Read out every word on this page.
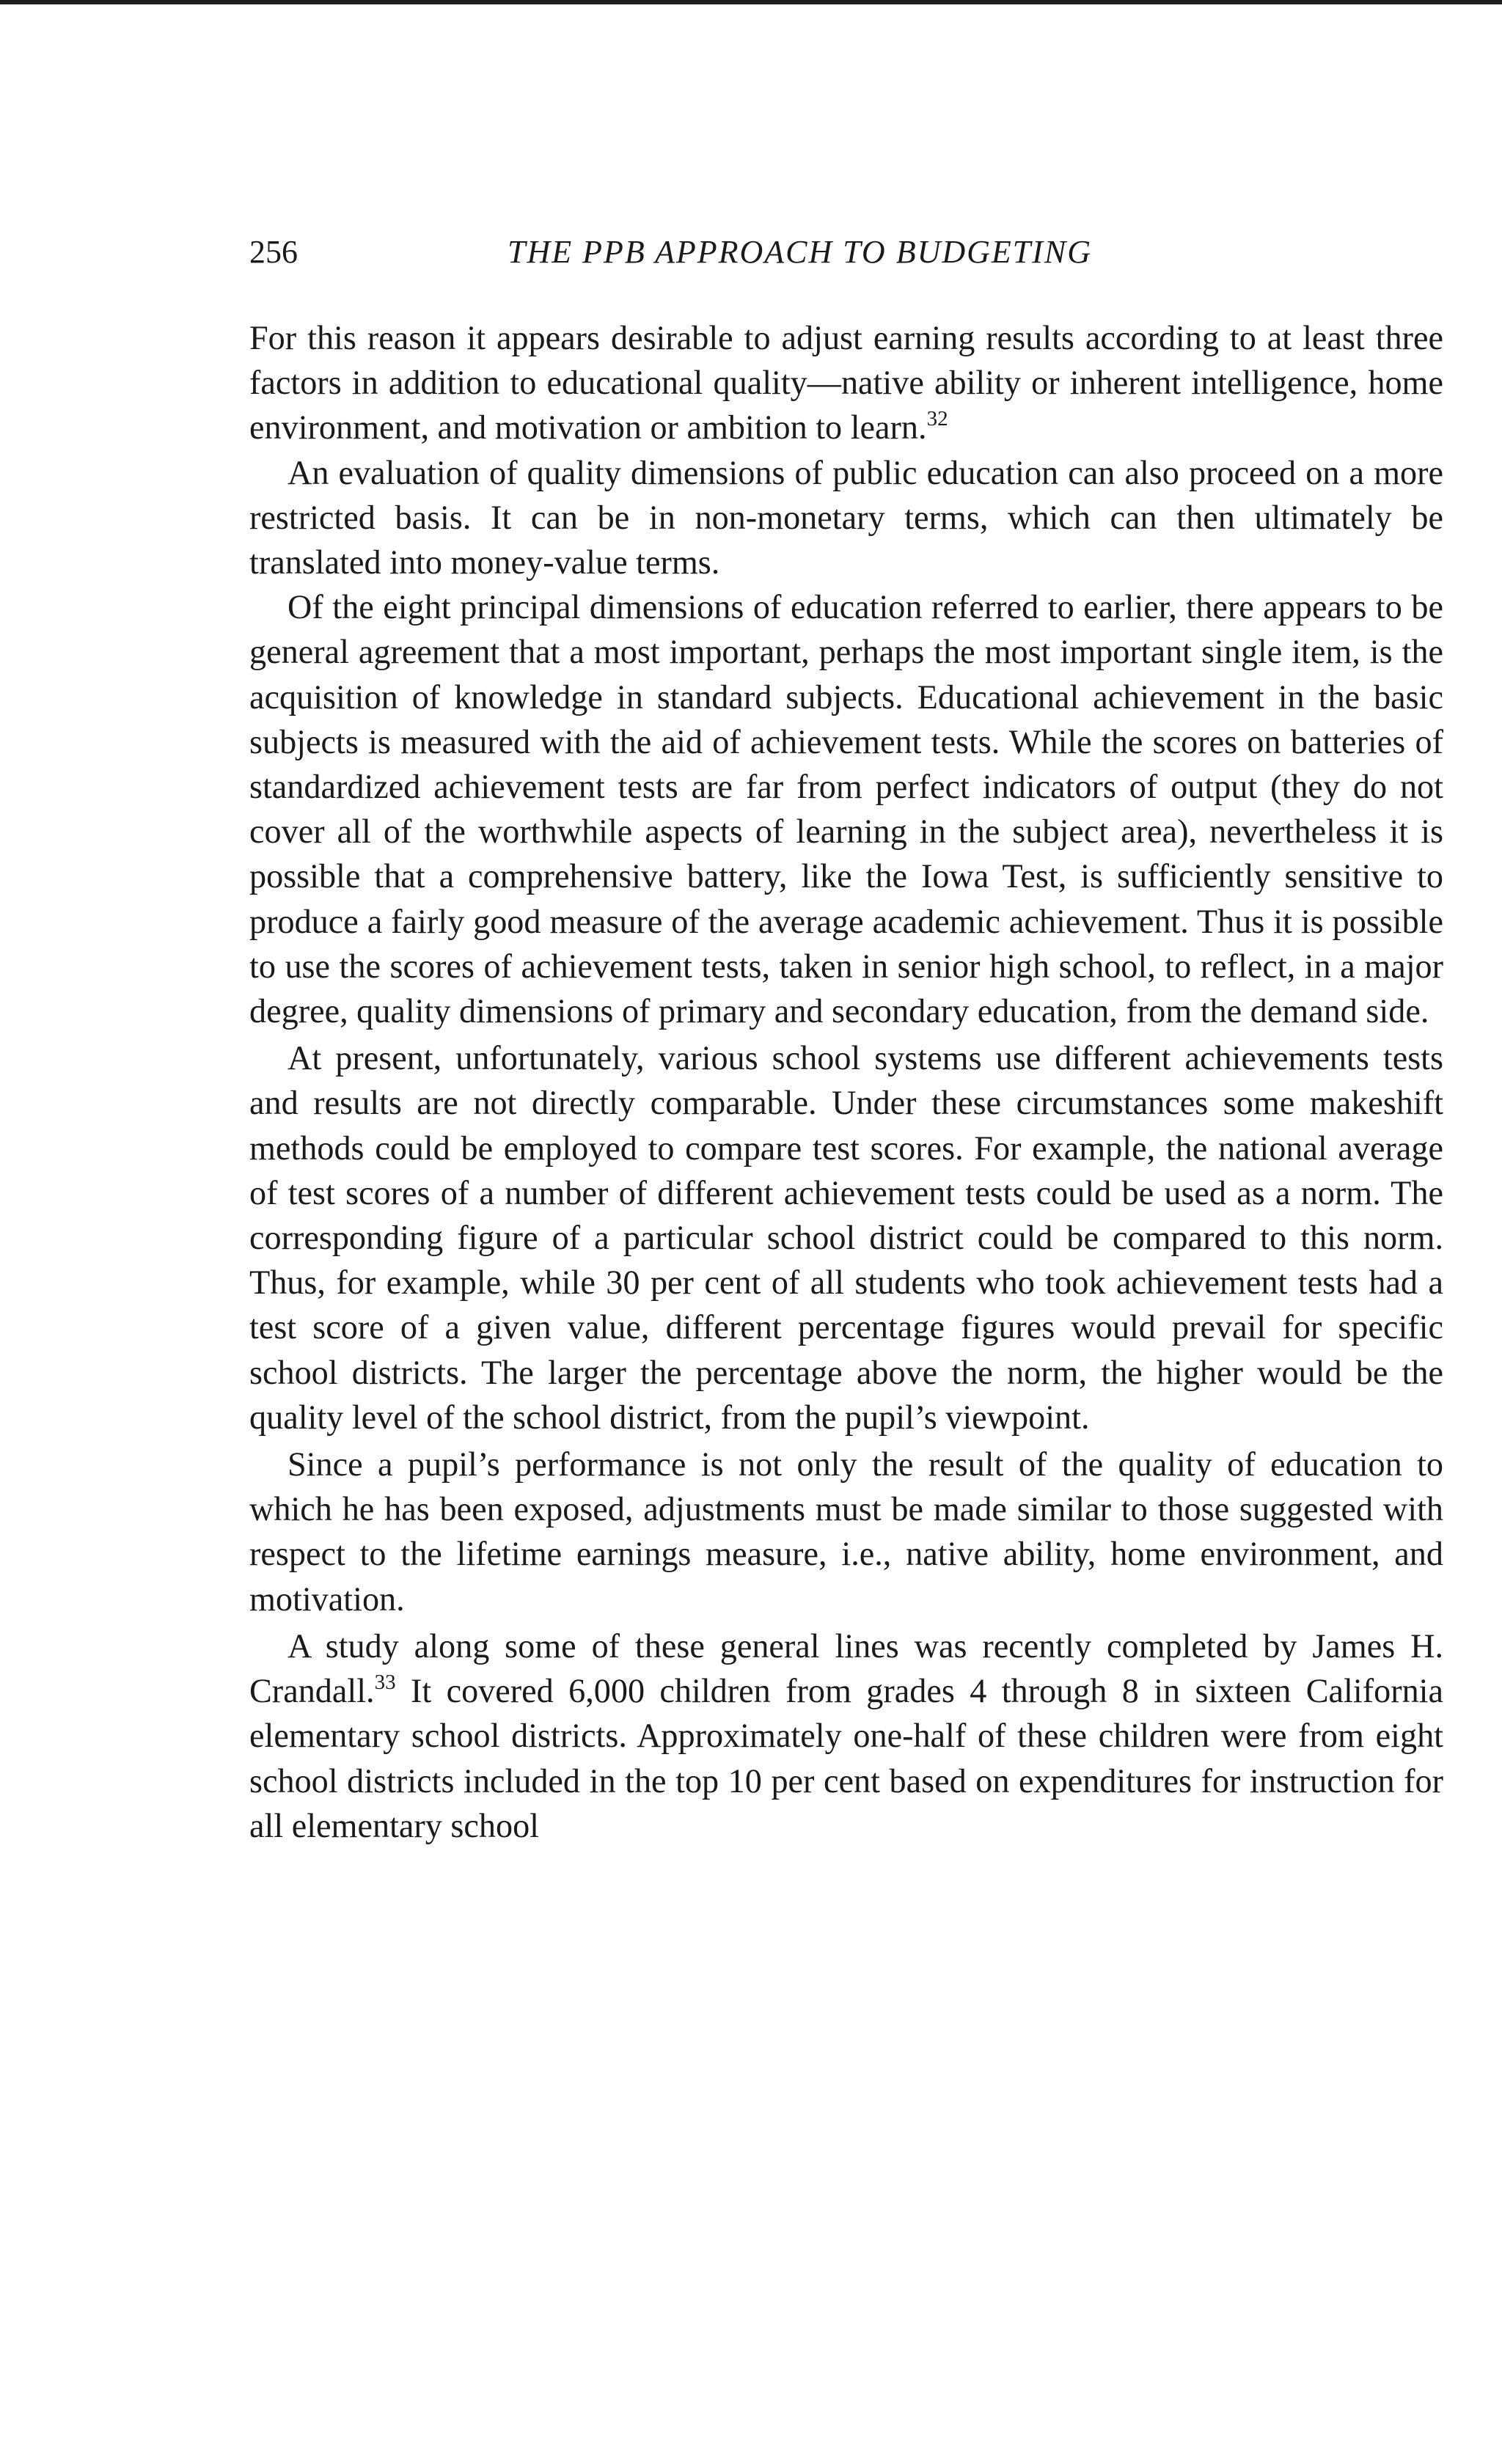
256	THE PPB APPROACH TO BUDGETING

For this reason it appears desirable to adjust earning results according to at least three factors in addition to educational quality—native ability or inherent intelligence, home environment, and motivation or ambition to learn.$^{32}$

An evaluation of quality dimensions of public education can also proceed on a more restricted basis. It can be in non-monetary terms, which can then ultimately be translated into money-value terms.

Of the eight principal dimensions of education referred to earlier, there appears to be general agreement that a most important, perhaps the most important single item, is the acquisition of knowledge in standard subjects. Educational achievement in the basic subjects is measured with the aid of achievement tests. While the scores on batteries of standardized achievement tests are far from perfect indicators of output (they do not cover all of the worthwhile aspects of learning in the subject area), nevertheless it is possible that a comprehensive battery, like the Iowa Test, is sufficiently sensitive to produce a fairly good measure of the average academic achievement. Thus it is possible to use the scores of achievement tests, taken in senior high school, to reflect, in a major degree, quality dimensions of primary and secondary education, from the demand side.

At present, unfortunately, various school systems use different achievements tests and results are not directly comparable. Under these circumstances some makeshift methods could be employed to compare test scores. For example, the national average of test scores of a number of different achievement tests could be used as a norm. The corresponding figure of a particular school district could be compared to this norm. Thus, for example, while 30 per cent of all students who took achievement tests had a test score of a given value, different percentage figures would prevail for specific school districts. The larger the percentage above the norm, the higher would be the quality level of the school district, from the pupil’s viewpoint.

Since a pupil’s performance is not only the result of the quality of education to which he has been exposed, adjustments must be made similar to those suggested with respect to the lifetime earnings measure, i.e., native ability, home environment, and motivation.

A study along some of these general lines was recently completed by James H. Crandall.$^{33}$ It covered 6,000 children from grades 4 through 8 in sixteen California elementary school districts. Approximately one-half of these children were from eight school districts included in the top 10 per cent based on expenditures for instruction for all elementary school
